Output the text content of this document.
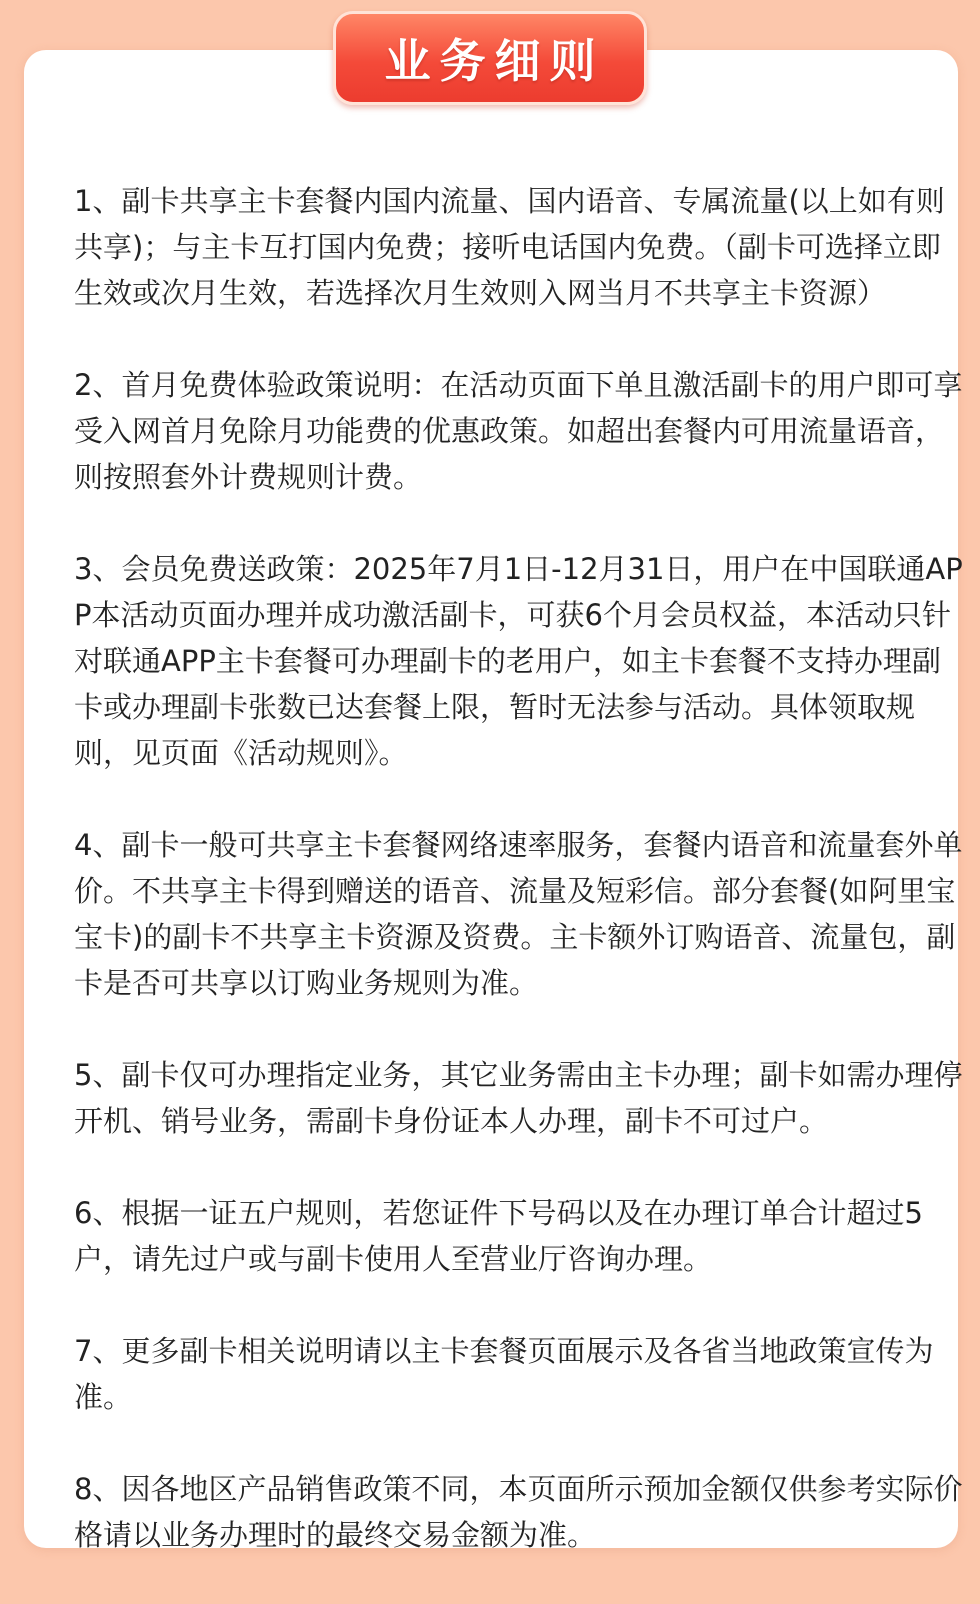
1、副卡共享主卡套餐内国内流量、国内语音、专属流量(以上如有则共享)；与主卡互打国内免费；接听电话国内免费。（副卡可选择立即生效或次月生效，若选择次月生效则入网当月不共享主卡资源）

2、首月免费体验政策说明：在活动页面下单且激活副卡的用户即可享受入网首月免除月功能费的优惠政策。如超出套餐内可用流量语音，则按照套外计费规则计费。

3、会员免费送政策：2025年7月1日-12月31日，用户在中国联通APP本活动页面办理并成功激活副卡，可获6个月会员权益，本活动只针对联通APP主卡套餐可办理副卡的老用户，如主卡套餐不支持办理副卡或办理副卡张数已达套餐上限，暂时无法参与活动。具体领取规则，见页面《活动规则》。

4、副卡一般可共享主卡套餐网络速率服务，套餐内语音和流量套外单价。不共享主卡得到赠送的语音、流量及短彩信。部分套餐(如阿里宝宝卡)的副卡不共享主卡资源及资费。主卡额外订购语音、流量包，副卡是否可共享以订购业务规则为准。

5、副卡仅可办理指定业务，其它业务需由主卡办理；副卡如需办理停开机、销号业务，需副卡身份证本人办理，副卡不可过户。

6、根据一证五户规则，若您证件下号码以及在办理订单合计超过5户，请先过户或与副卡使用人至营业厅咨询办理。

7、更多副卡相关说明请以主卡套餐页面展示及各省当地政策宣传为准。

8、因各地区产品销售政策不同，本页面所示预加金额仅供参考实际价格请以业务办理时的最终交易金额为准。

业务细则
